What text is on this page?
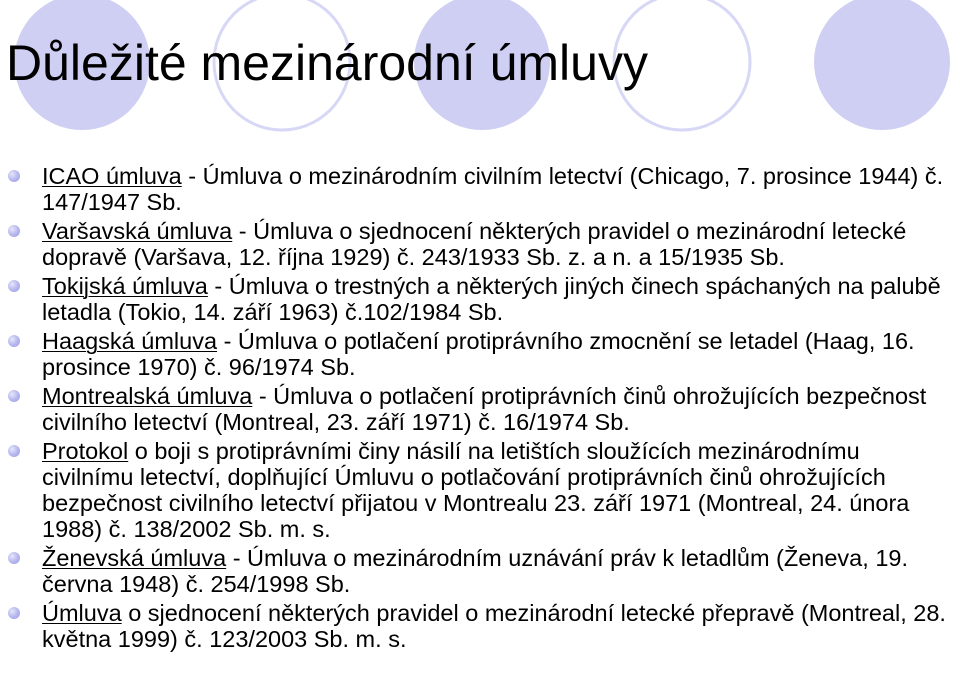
Důležité mezinárodní úmluvy
ICAO úmluva - Úmluva o mezinárodním civilním letectví (Chicago, 7. prosince 1944) č. 147/1947 Sb.
Varšavská úmluva - Úmluva o sjednocení některých pravidel o mezinárodní letecké dopravě (Varšava, 12. října 1929) č. 243/1933 Sb. z. a n. a 15/1935 Sb.
Tokijská úmluva - Úmluva o trestných a některých jiných činech spáchaných na palubě letadla (Tokio, 14. září 1963) č.102/1984 Sb.
Haagská úmluva - Úmluva o potlačení protiprávního zmocnění se letadel (Haag, 16. prosince 1970) č. 96/1974 Sb.
Montrealská úmluva - Úmluva o potlačení protiprávních činů ohrožujících bezpečnost civilního letectví (Montreal, 23. září 1971) č. 16/1974 Sb.
Protokol o boji s protiprávními činy násilí na letištích sloužících mezinárodnímu civilnímu letectví, doplňující Úmluvu o potlačování protiprávních činů ohrožujících bezpečnost civilního letectví přijatou v Montrealu 23. září 1971 (Montreal, 24. února 1988) č. 138/2002 Sb. m. s.
Ženevská úmluva - Úmluva o mezinárodním uznávání práv k letadlům (Ženeva, 19. června 1948) č. 254/1998 Sb.
Úmluva o sjednocení některých pravidel o mezinárodní letecké přepravě (Montreal, 28. května 1999) č. 123/2003 Sb. m. s.
